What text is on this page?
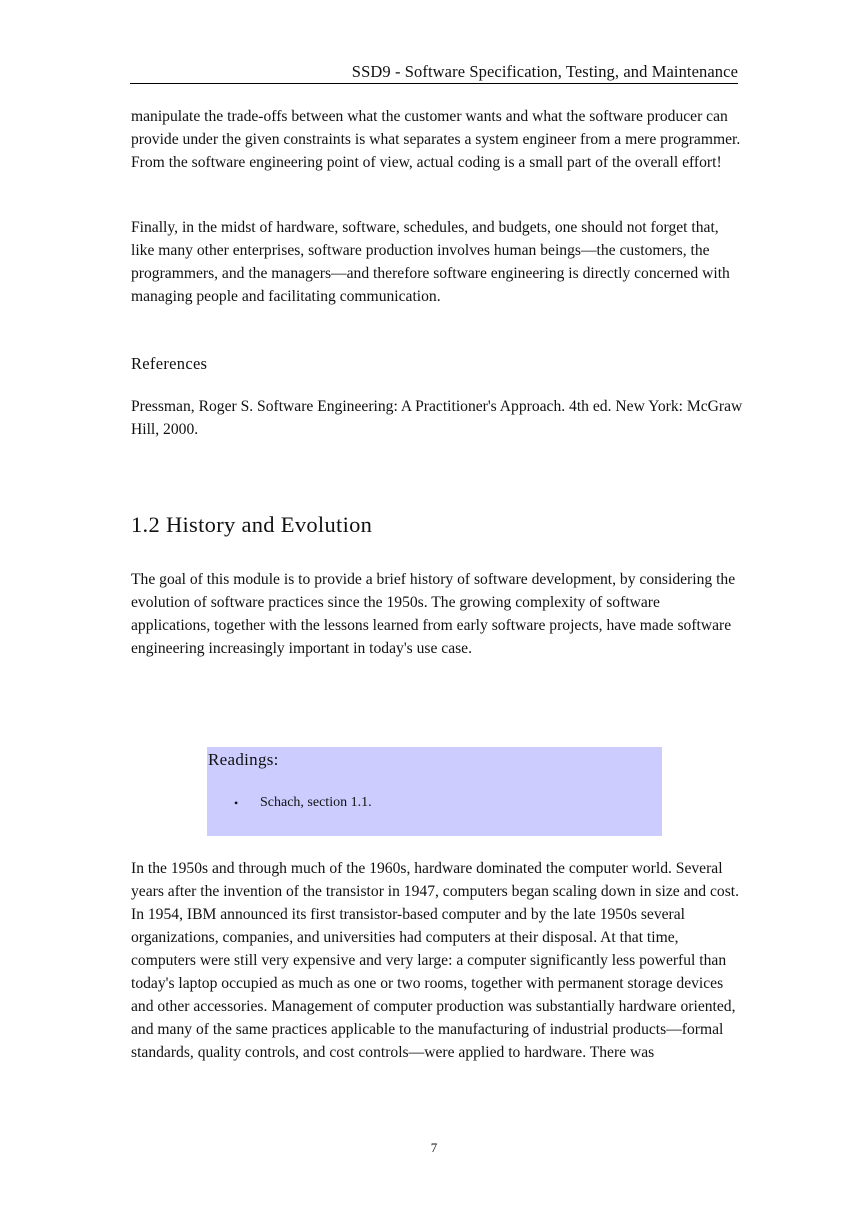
SSD9 - Software Specification, Testing, and Maintenance

manipulate the trade-offs between what the customer wants and what the software producer can provide under the given constraints is what separates a system engineer from a mere programmer. From the software engineering point of view, actual coding is a small part of the overall effort!

Finally, in the midst of hardware, software, schedules, and budgets, one should not forget that, like many other enterprises, software production involves human beings—the customers, the programmers, and the managers—and therefore software engineering is directly concerned with managing people and facilitating communication.

References

Pressman, Roger S. Software Engineering: A Practitioner's Approach. 4th ed. New York: McGraw Hill, 2000.

1.2 History and Evolution

The goal of this module is to provide a brief history of software development, by considering the evolution of software practices since the 1950s. The growing complexity of software applications, together with the lessons learned from early software projects, have made software engineering increasingly important in today's use case.

Readings:
• Schach, section 1.1.

In the 1950s and through much of the 1960s, hardware dominated the computer world. Several years after the invention of the transistor in 1947, computers began scaling down in size and cost. In 1954, IBM announced its first transistor-based computer and by the late 1950s several organizations, companies, and universities had computers at their disposal. At that time, computers were still very expensive and very large: a computer significantly less powerful than today's laptop occupied as much as one or two rooms, together with permanent storage devices and other accessories. Management of computer production was substantially hardware oriented, and many of the same practices applicable to the manufacturing of industrial products—formal standards, quality controls, and cost controls—were applied to hardware. There was

7
